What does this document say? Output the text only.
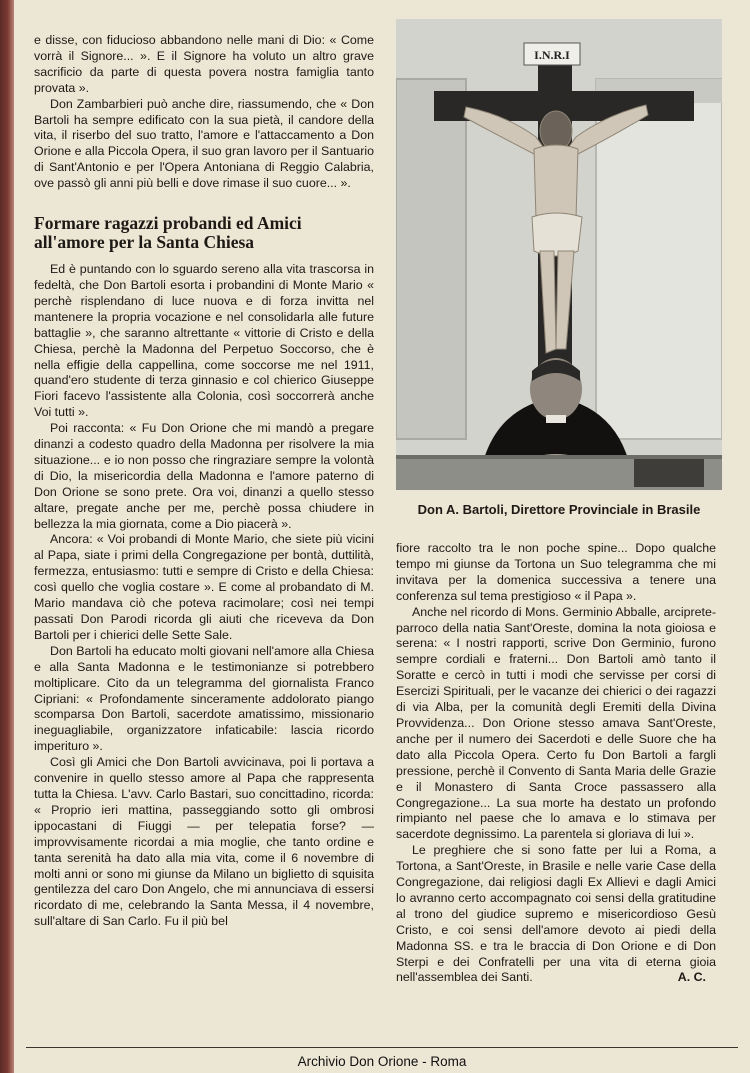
e disse, con fiducioso abbandono nelle mani di Dio: « Come vorrà il Signore... ». E il Signore ha voluto un altro grave sacrificio da parte di questa povera nostra famiglia tanto provata ».

Don Zambarbieri può anche dire, riassumendo, che « Don Bartoli ha sempre edificato con la sua pietà, il candore della vita, il riserbo del suo tratto, l'amore e l'attaccamento a Don Orione e alla Piccola Opera, il suo gran lavoro per il Santuario di Sant'Antonio e per l'Opera Antoniana di Reggio Calabria, ove passò gli anni più belli e dove rimase il suo cuore... ».

Formare ragazzi probandi ed Amici all'amore per la Santa Chiesa

Ed è puntando con lo sguardo sereno alla vita trascorsa in fedeltà, che Don Bartoli esorta i probandini di Monte Mario « perchè risplendano di luce nuova e di forza invitta nel mantenere la propria vocazione e nel consolidarla alle future battaglie », che saranno altrettante « vittorie di Cristo e della Chiesa, perchè la Madonna del Perpetuo Soccorso, che è nella effigie della cappellina, come soccorse me nel 1911, quand'ero studente di terza ginnasio e col chierico Giuseppe Fiori facevo l'assistente alla Colonia, così soccorrerà anche Voi tutti ».

Poi racconta: « Fu Don Orione che mi mandò a pregare dinanzi a codesto quadro della Madonna per risolvere la mia situazione... e io non posso che ringraziare sempre la volontà di Dio, la misericordia della Madonna e l'amore paterno di Don Orione se sono prete. Ora voi, dinanzi a quello stesso altare, pregate anche per me, perchè possa chiudere in bellezza la mia giornata, come a Dio piacerà ».

Ancora: « Voi probandi di Monte Mario, che siete più vicini al Papa, siate i primi della Congregazione per bontà, duttilità, fermezza, entusiasmo: tutti e sempre di Cristo e della Chiesa: così quello che voglia costare ». E come al probandato di M. Mario mandava ciò che poteva racimolare; così nei tempi passati Don Parodi ricorda gli aiuti che riceveva da Don Bartoli per i chierici delle Sette Sale.

Don Bartoli ha educato molti giovani nell'amore alla Chiesa e alla Santa Madonna e le testimonianze si potrebbero moltiplicare. Cito da un telegramma del giornalista Franco Cipriani: « Profondamente sinceramente addolorato piango scomparsa Don Bartoli, sacerdote amatissimo, missionario ineguagliabile, organizzatore infaticabile: lascia ricordo imperituro ».

Così gli Amici che Don Bartoli avvicinava, poi li portava a convenire in quello stesso amore al Papa che rappresenta tutta la Chiesa. L'avv. Carlo Bastari, suo concittadino, ricorda: « Proprio ieri mattina, passeggiando sotto gli ombrosi ippocastani di Fiuggi — per telepatia forse? — improvvisamente ricordai a mia moglie, che tanto ordine e tanta serenità ha dato alla mia vita, come il 6 novembre di molti anni or sono mi giunse da Milano un biglietto di squisita gentilezza del caro Don Angelo, che mi annunciava di essersi ricordato di me, celebrando la Santa Messa, il 4 novembre, sull'altare di San Carlo. Fu il più bel

I.N.R.I
Don A. Bartoli, Direttore Provinciale in Brasile

fiore raccolto tra le non poche spine... Dopo qualche tempo mi giunse da Tortona un Suo telegramma che mi invitava per la domenica successiva a tenere una conferenza sul tema prestigioso « il Papa ».

Anche nel ricordo di Mons. Germinio Abballe, arciprete-parroco della natia Sant'Oreste, domina la nota gioiosa e serena: « I nostri rapporti, scrive Don Germinio, furono sempre cordiali e fraterni... Don Bartoli amò tanto il Soratte e cercò in tutti i modi che servisse per corsi di Esercizi Spirituali, per le vacanze dei chierici o dei ragazzi di via Alba, per la comunità degli Eremiti della Divina Provvidenza... Don Orione stesso amava Sant'Oreste, anche per il numero dei Sacerdoti e delle Suore che ha dato alla Piccola Opera. Certo fu Don Bartoli a fargli pressione, perchè il Convento di Santa Maria delle Grazie e il Monastero di Santa Croce passassero alla Congregazione... La sua morte ha destato un profondo rimpianto nel paese che lo amava e lo stimava per sacerdote degnissimo. La parentela si gloriava di lui ».

Le preghiere che si sono fatte per lui a Roma, a Tortona, a Sant'Oreste, in Brasile e nelle varie Case della Congregazione, dai religiosi dagli Ex Allievi e dagli Amici lo avranno certo accompagnato coi sensi della gratitudine al trono del giudice supremo e misericordioso Gesù Cristo, e coi sensi dell'amore devoto ai piedi della Madonna SS. e tra le braccia di Don Orione e di Don Sterpi e dei Confratelli per una vita di eterna gioia nell'assemblea dei Santi.	A. C.

Archivio Don Orione - Roma
